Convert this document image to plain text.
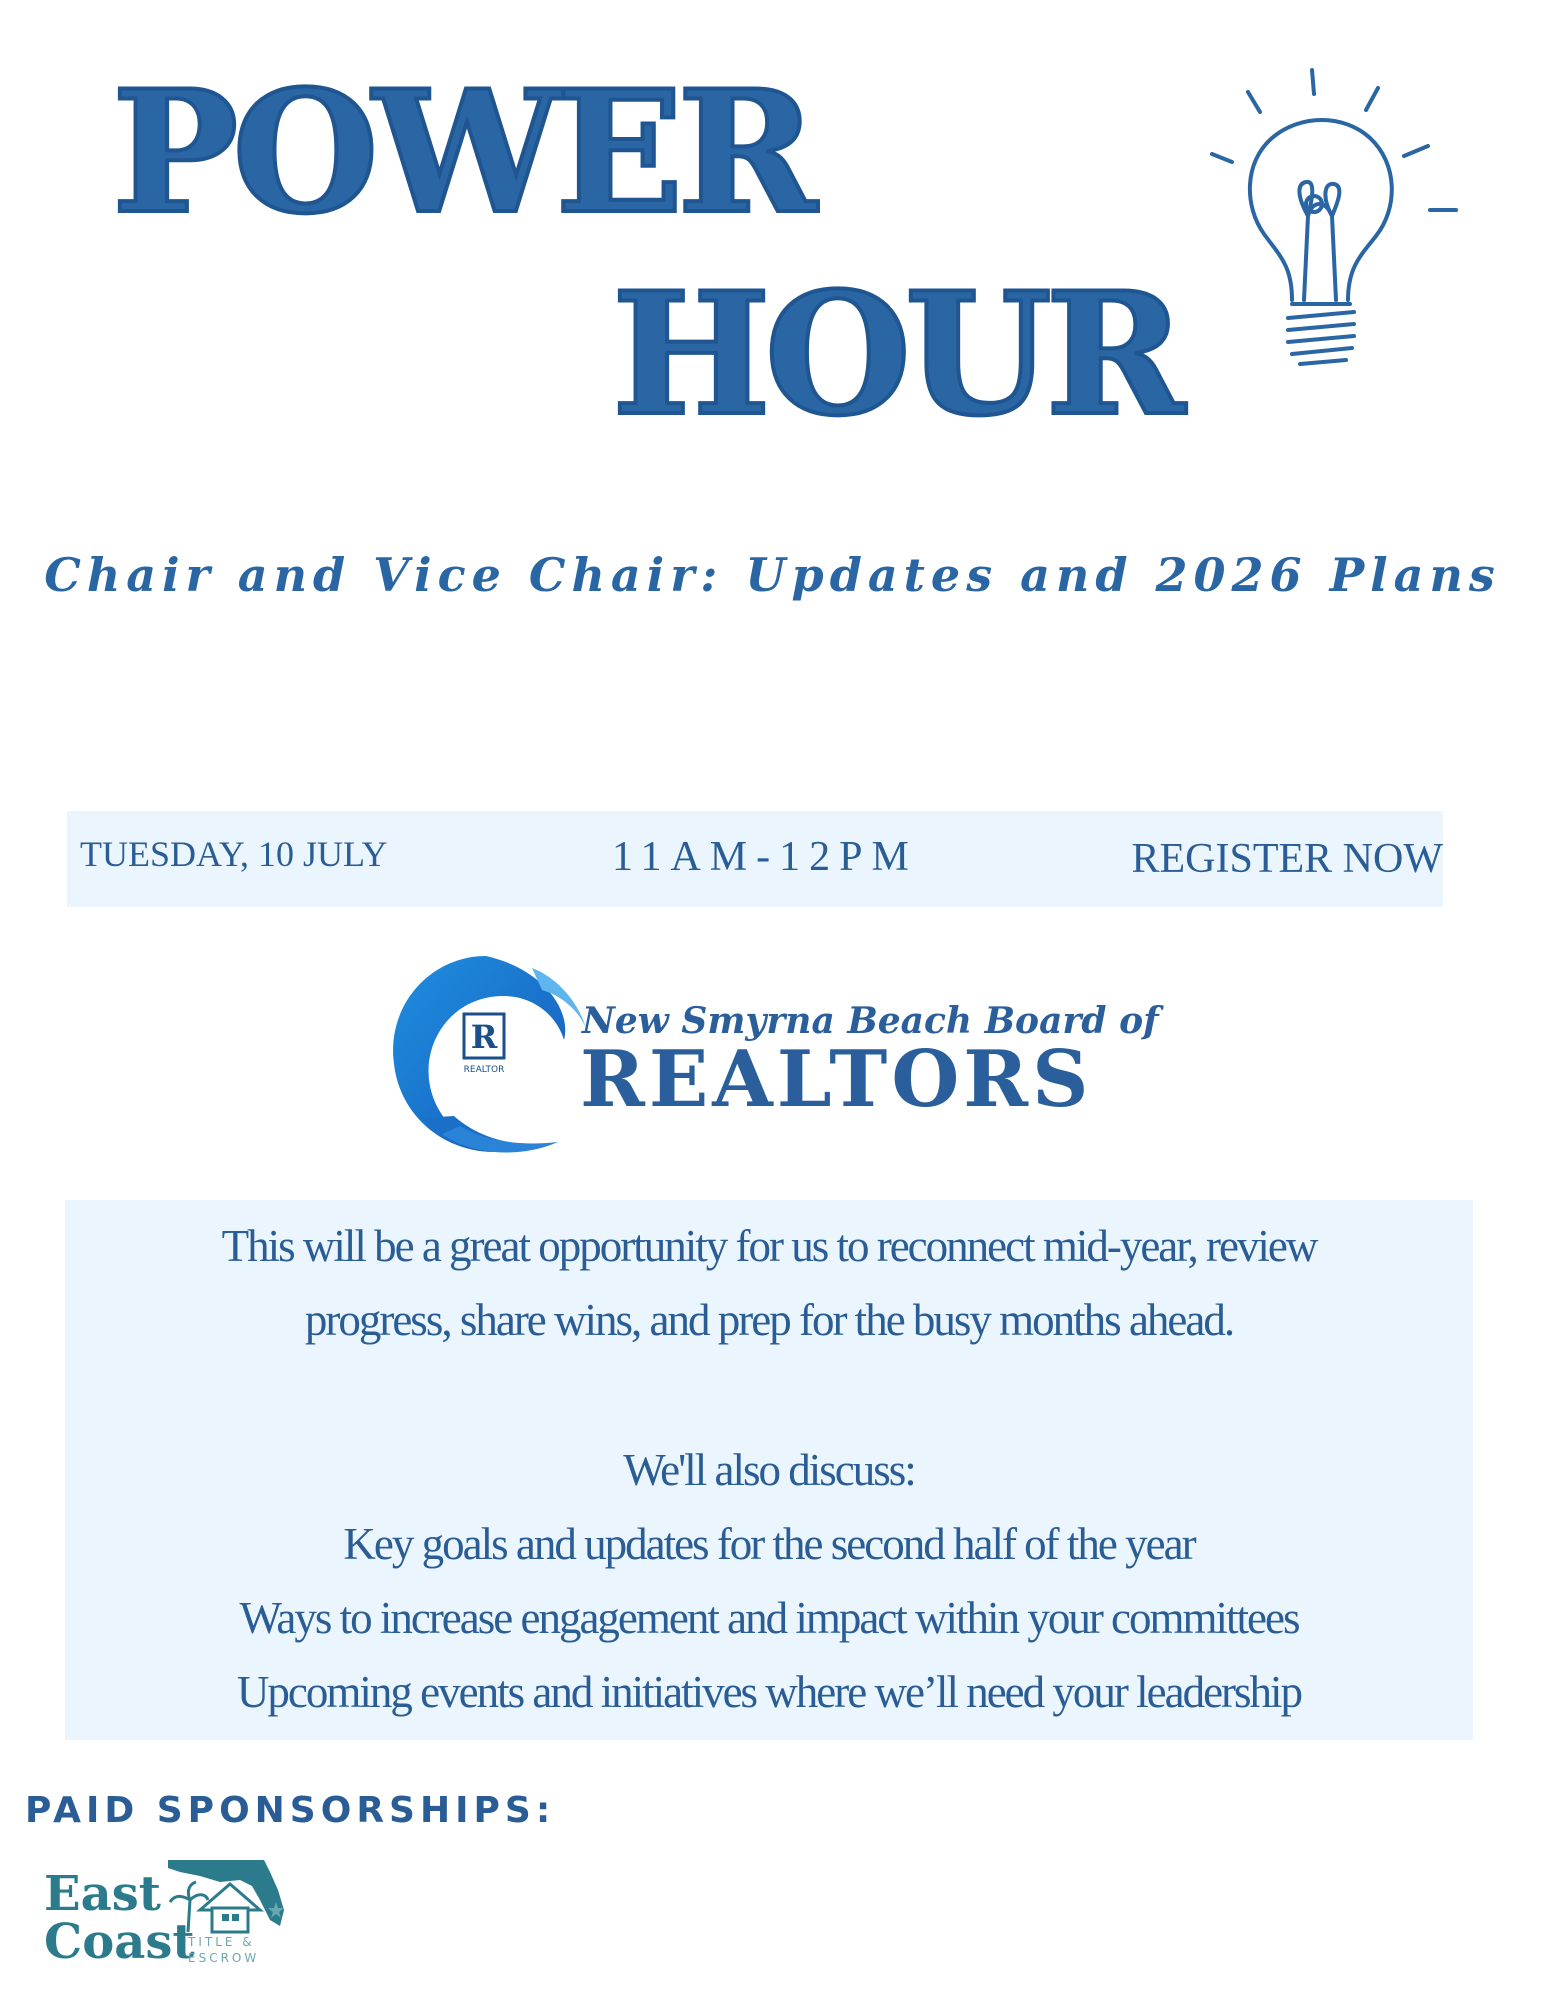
POWER
HOUR
Chair and Vice Chair: Updates and 2026 Plans
TUESDAY, 10 JULY	11AM-12PM	REGISTER NOW
R
REALTOR
New Smyrna Beach Board of
REALTORS
This will be a great opportunity for us to reconnect mid-year, review
progress, share wins, and prep for the busy months ahead.
We'll also discuss:
Key goals and updates for the second half of the year
Ways to increase engagement and impact within your committees
Upcoming events and initiatives where we’ll need your leadership
PAID SPONSORSHIPS:
East
Coast
TITLE &
ESCROW
